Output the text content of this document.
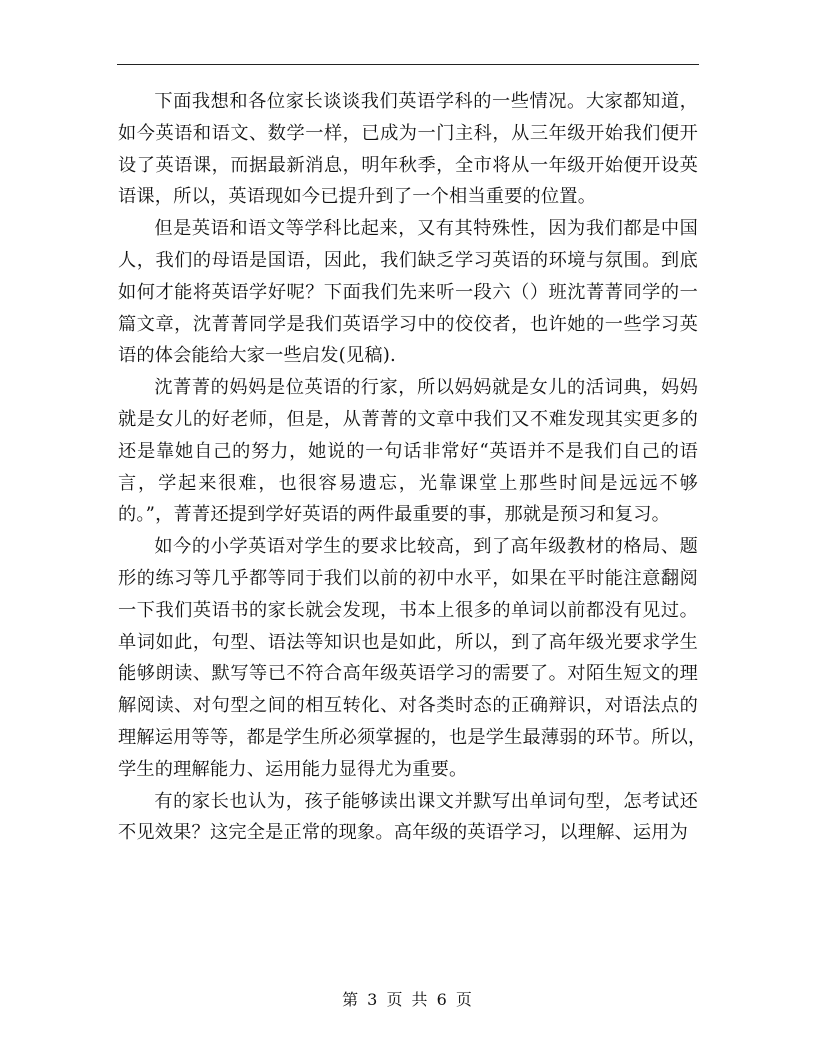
下面我想和各位家长谈谈我们英语学科的一些情况。大家都知道，
如今英语和语文、数学一样，已成为一门主科，从三年级开始我们便开
设了英语课，而据最新消息，明年秋季，全市将从一年级开始便开设英
语课，所以，英语现如今已提升到了一个相当重要的位置。
但是英语和语文等学科比起来，又有其特殊性，因为我们都是中国
人，我们的母语是国语，因此，我们缺乏学习英语的环境与氛围。到底
如何才能将英语学好呢？下面我们先来听一段六（）班沈菁菁同学的一
篇文章，沈菁菁同学是我们英语学习中的佼佼者，也许她的一些学习英
语的体会能给大家一些启发(见稿).
沈菁菁的妈妈是位英语的行家，所以妈妈就是女儿的活词典，妈妈
就是女儿的好老师，但是，从菁菁的文章中我们又不难发现其实更多的
还是靠她自己的努力，她说的一句话非常好“英语并不是我们自己的语
言，学起来很难，也很容易遗忘，光靠课堂上那些时间是远远不够
的。”，菁菁还提到学好英语的两件最重要的事，那就是预习和复习。
如今的小学英语对学生的要求比较高，到了高年级教材的格局、题
形的练习等几乎都等同于我们以前的初中水平，如果在平时能注意翻阅
一下我们英语书的家长就会发现，书本上很多的单词以前都没有见过。
单词如此，句型、语法等知识也是如此，所以，到了高年级光要求学生
能够朗读、默写等已不符合高年级英语学习的需要了。对陌生短文的理
解阅读、对句型之间的相互转化、对各类时态的正确辩识，对语法点的
理解运用等等，都是学生所必须掌握的，也是学生最薄弱的环节。所以，
学生的理解能力、运用能力显得尤为重要。
有的家长也认为，孩子能够读出课文并默写出单词句型，怎考试还
不见效果？这完全是正常的现象。高年级的英语学习，以理解、运用为
第 3 页 共 6 页
